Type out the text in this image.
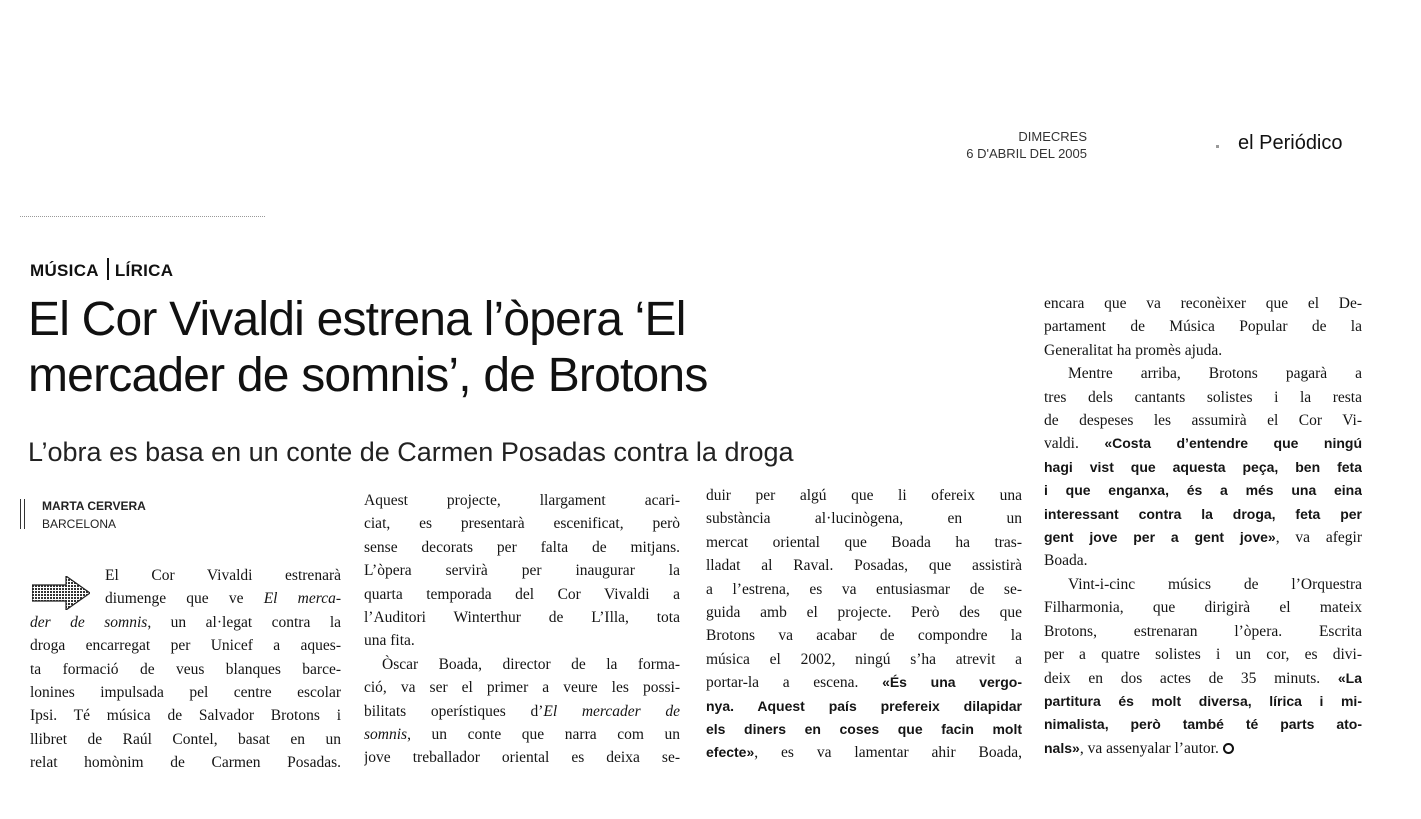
DIMECRES
6 D'ABRIL DEL 2005	el Periódico
MÚSICA LÍRICA
El Cor Vivaldi estrena l’òpera ‘El
mercader de somnis’, de Brotons
L’obra es basa en un conte de Carmen Posadas contra la droga
MARTA CERVERA
BARCELONA
El Cor Vivaldi estrenarà
diumenge que ve El merca-
der de somnis, un al·legat contra la
droga encarregat per Unicef a aques-
ta formació de veus blanques barce-
lonines impulsada pel centre escolar
Ipsi. Té música de Salvador Brotons i
llibret de Raúl Contel, basat en un
relat homònim de Carmen Posadas.
Aquest projecte, llargament acari-
ciat, es presentarà escenificat, però
sense decorats per falta de mitjans.
L’òpera servirà per inaugurar la
quarta temporada del Cor Vivaldi a
l’Auditori Winterthur de L’Illa, tota
una fita.
Òscar Boada, director de la forma-
ció, va ser el primer a veure les possi-
bilitats operístiques d’El mercader de
somnis, un conte que narra com un
jove treballador oriental es deixa se-
duir per algú que li ofereix una
substància al·lucinògena, en un
mercat oriental que Boada ha tras-
lladat al Raval. Posadas, que assistirà
a l’estrena, es va entusiasmar de se-
guida amb el projecte. Però des que
Brotons va acabar de compondre la
música el 2002, ningú s’ha atrevit a
portar-la a escena. «És una vergo-
nya. Aquest país prefereix dilapidar
els diners en coses que facin molt
efecte», es va lamentar ahir Boada,
encara que va reconèixer que el De-
partament de Música Popular de la
Generalitat ha promès ajuda.
Mentre arriba, Brotons pagarà a
tres dels cantants solistes i la resta
de despeses les assumirà el Cor Vi-
valdi. «Costa d’entendre que ningú
hagi vist que aquesta peça, ben feta
i que enganxa, és a més una eina
interessant contra la droga, feta per
gent jove per a gent jove», va afegir
Boada.
Vint-i-cinc músics de l’Orquestra
Filharmonia, que dirigirà el mateix
Brotons, estrenaran l’òpera. Escrita
per a quatre solistes i un cor, es divi-
deix en dos actes de 35 minuts. «La
partitura és molt diversa, lírica i mi-
nimalista, però també té parts ato-
nals», va assenyalar l’autor.
